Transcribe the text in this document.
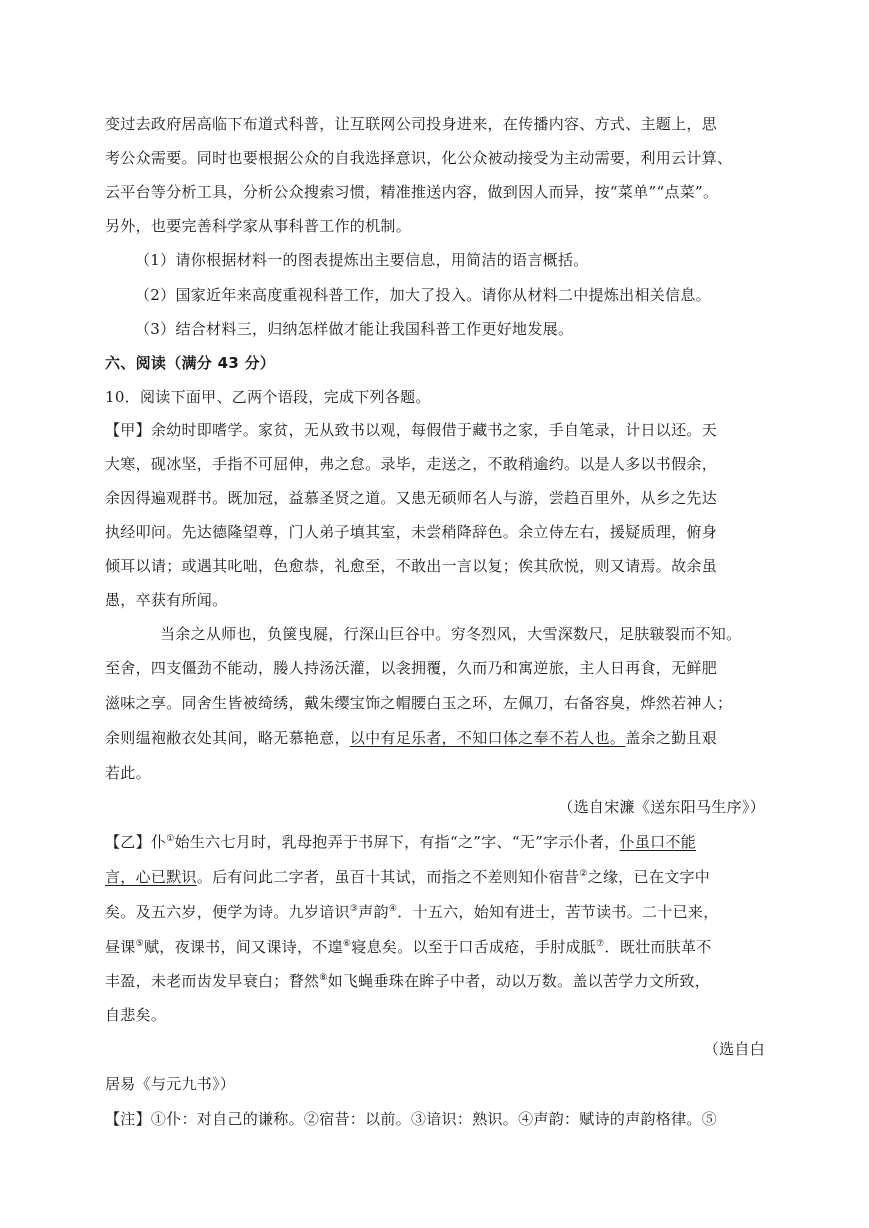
变过去政府居高临下布道式科普，让互联网公司投身进来，在传播内容、方式、主题上，思
考公众需要。同时也要根据公众的自我选择意识，化公众被动接受为主动需要，利用云计算、
云平台等分析工具，分析公众搜索习惯，精准推送内容，做到因人而异，按“菜单”“点菜”。
另外，也要完善科学家从事科普工作的机制。
（1）请你根据材料一的图表提炼出主要信息，用简洁的语言概括。
（2）国家近年来高度重视科普工作，加大了投入。请你从材料二中提炼出相关信息。
（3）结合材料三，归纳怎样做才能让我国科普工作更好地发展。
六、阅读（满分 43 分）
10．阅读下面甲、乙两个语段，完成下列各题。
【甲】余幼时即嗜学。家贫，无从致书以观，每假借于藏书之家，手自笔录，计日以还。天
大寒，砚冰坚，手指不可屈伸，弗之怠。录毕，走送之，不敢稍逾约。以是人多以书假余，
余因得遍观群书。既加冠，益慕圣贤之道。又患无硕师名人与游，尝趋百里外，从乡之先达
执经叩问。先达德隆望尊，门人弟子填其室，未尝稍降辞色。余立侍左右，援疑质理，俯身
倾耳以请；或遇其叱咄，色愈恭，礼愈至，不敢出一言以复；俟其欣悦，则又请焉。故余虽
愚，卒获有所闻。
当余之从师也，负箧曳屣，行深山巨谷中。穷冬烈风，大雪深数尺，足肤皲裂而不知。
至舍，四支僵劲不能动，媵人持汤沃灌，以衾拥覆，久而乃和寓逆旅，主人日再食，无鲜肥
滋味之享。同舍生皆被绮绣，戴朱缨宝饰之帽腰白玉之环，左佩刀，右备容臭，烨然若神人；
余则缊袍敝衣处其间，略无慕艳意，以中有足乐者，不知口体之奉不若人也。盖余之勤且艰
若此。
（选自宋濂《送东阳马生序》）
【乙】仆①始生六七月时，乳母抱弄于书屏下，有指“之”字、“无”字示仆者，仆虽口不能
言，心已默识。后有问此二字者，虽百十其试，而指之不差则知仆宿昔②之缘，已在文字中
矣。及五六岁，便学为诗。九岁谙识③声韵④．十五六，始知有进士，苦节读书。二十已来，
昼课⑤赋，夜课书，间又课诗，不遑⑥寝息矣。以至于口舌成疮，手肘成胝⑦．既壮而肤革不
丰盈，未老而齿发早衰白；瞀然⑧如飞蝇垂珠在眸子中者，动以万数。盖以苦学力文所致，
自悲矣。
（选自白
居易《与元九书》）
【注】①仆：对自己的谦称。②宿昔：以前。③谙识：熟识。④声韵：赋诗的声韵格律。⑤
